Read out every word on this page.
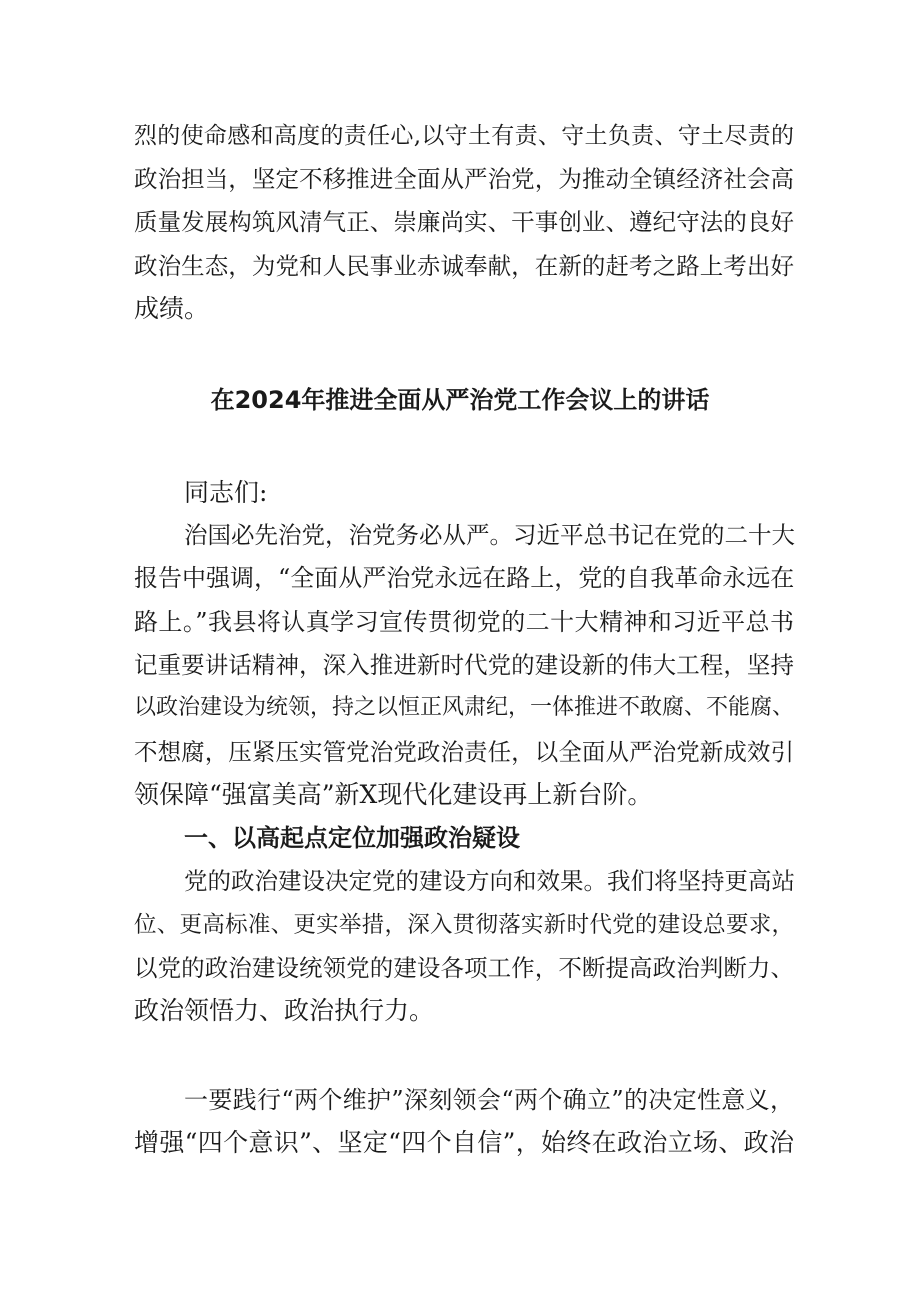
烈的使命感和高度的责任心,以守土有责、守土负责、守土尽责的
政治担当，坚定不移推进全面从严治党，为推动全镇经济社会高
质量发展构筑风清气正、崇廉尚实、干事创业、遵纪守法的良好
政治生态，为党和人民事业赤诚奉献，在新的赶考之路上考出好
成绩。
在2024年推进全面从严治党工作会议上的讲话
同志们:
治国必先治党，治党务必从严。习近平总书记在党的二十大
报告中强调，“全面从严治党永远在路上，党的自我革命永远在
路上。”我县将认真学习宣传贯彻党的二十大精神和习近平总书
记重要讲话精神，深入推进新时代党的建设新的伟大工程，坚持
以政治建设为统领，持之以恒正风肃纪，一体推进不敢腐、不能腐、
不想腐，压紧压实管党治党政治责任，以全面从严治党新成效引
领保障“强富美高”新X现代化建设再上新台阶。
一、以高起点定位加强政治疑设
党的政治建设决定党的建设方向和效果。我们将坚持更高站
位、更高标准、更实举措，深入贯彻落实新时代党的建设总要求，
以党的政治建设统领党的建设各项工作，不断提高政治判断力、
政治领悟力、政治执行力。
一要践行“两个维护”深刻领会“两个确立”的决定性意义，
增强“四个意识”、坚定“四个自信”，始终在政治立场、政治
